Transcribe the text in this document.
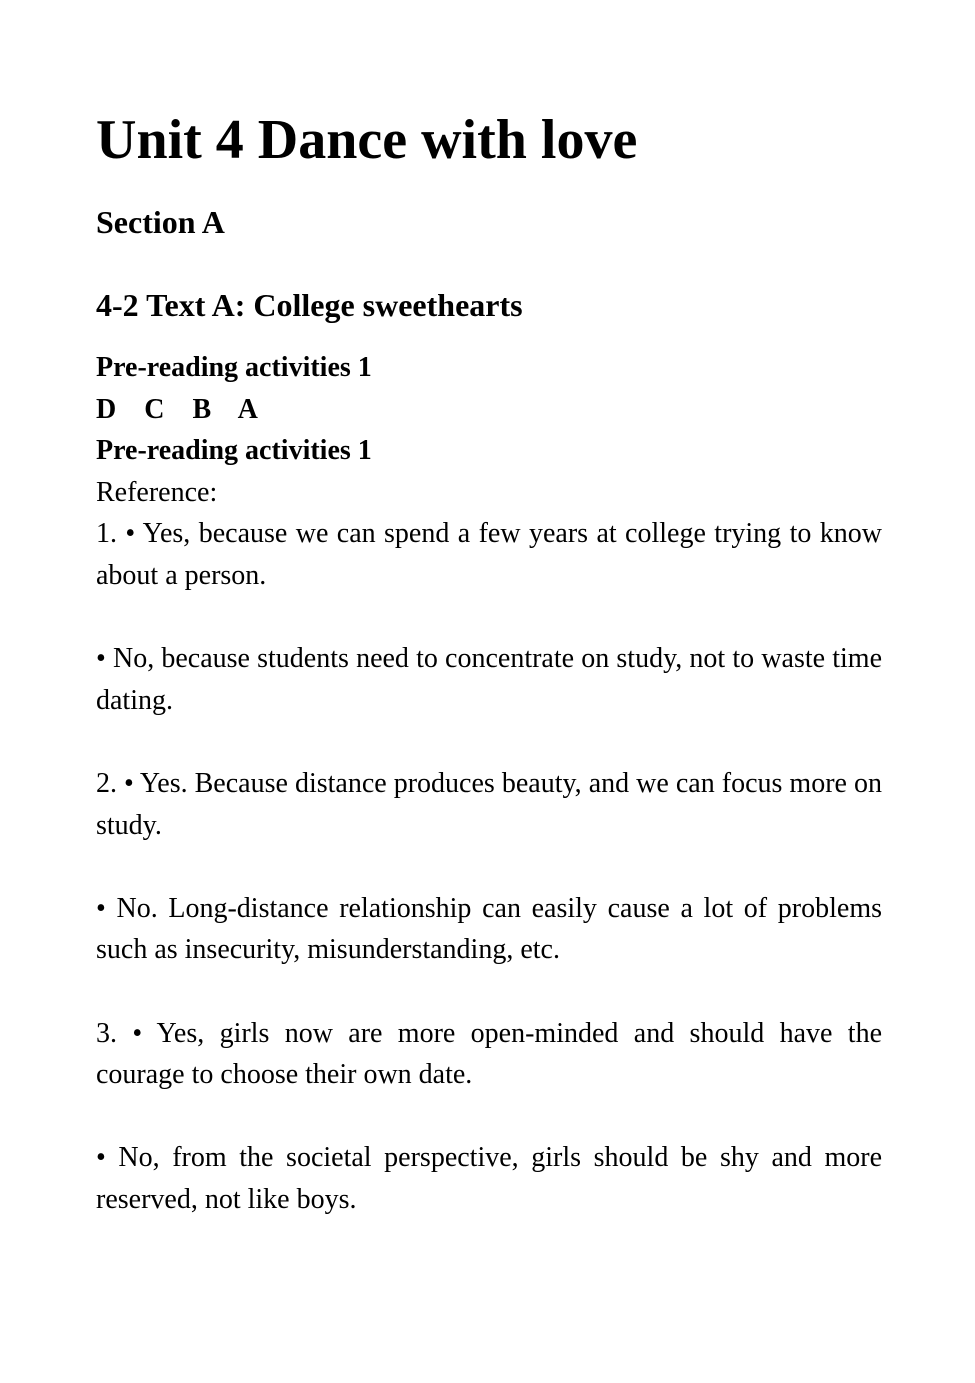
Unit 4 Dance with love
Section A
4-2 Text A: College sweethearts

Pre-reading activities 1

D    C    B    A

Pre-reading activities 1

Reference:

1. • Yes, because we can spend a few years at college trying to know about a person.

• No, because students need to concentrate on study, not to waste time dating.

2. • Yes. Because distance produces beauty, and we can focus more on study.

• No. Long-distance relationship can easily cause a lot of problems such as insecurity, misunderstanding, etc.

3. • Yes, girls now are more open-minded and should have the courage to choose their own date.

• No, from the societal perspective, girls should be shy and more reserved, not like boys.
